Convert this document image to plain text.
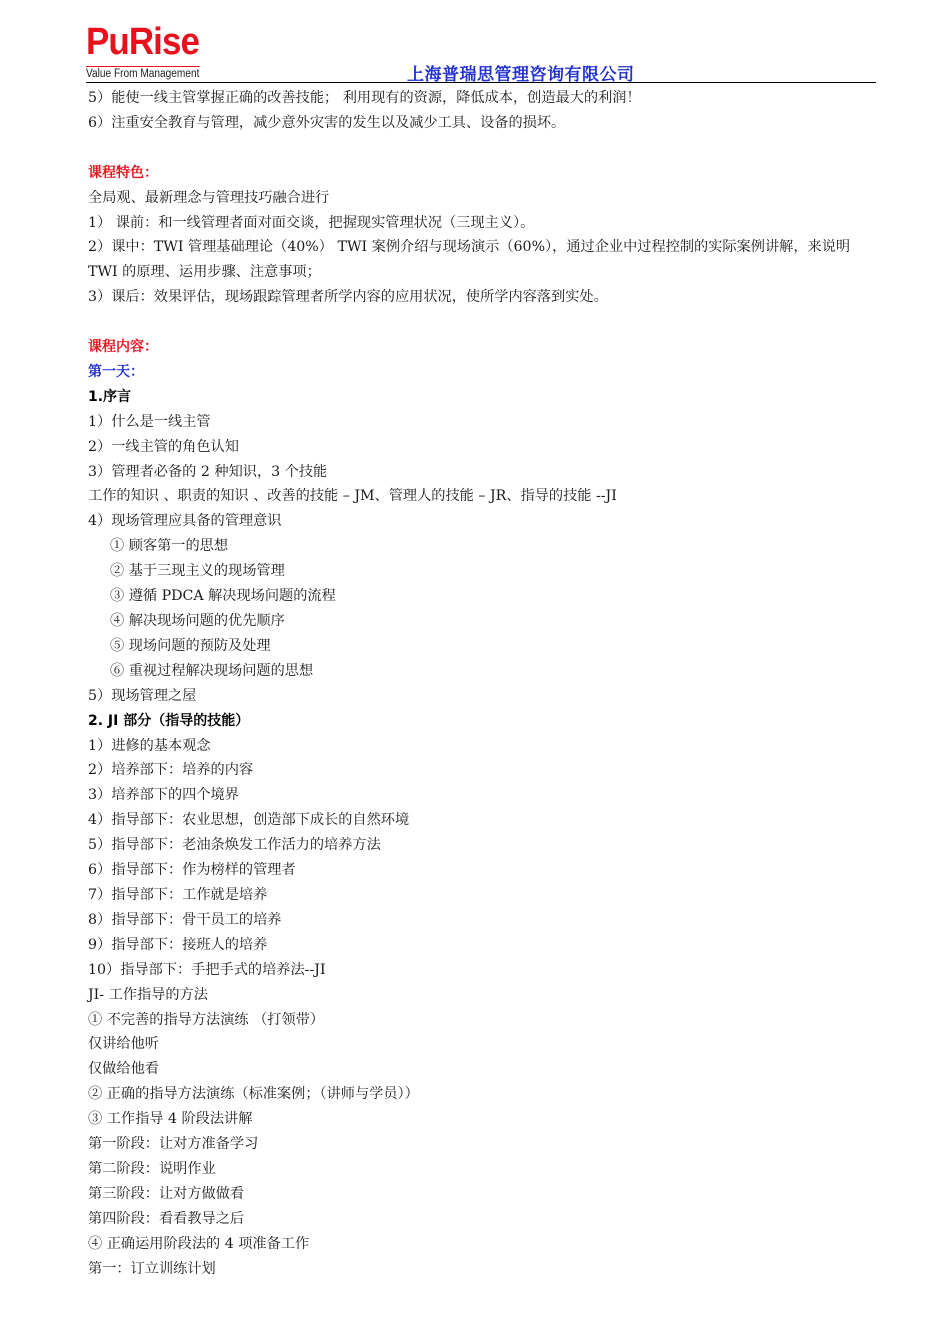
PuRise
Value From Management	上海普瑞思管理咨询有限公司
5）能使一线主管掌握正确的改善技能； 利用现有的资源，降低成本，创造最大的利润！
6）注重安全教育与管理，减少意外灾害的发生以及减少工具、设备的损坏。
课程特色：
全局观、最新理念与管理技巧融合进行
1） 课前：和一线管理者面对面交谈，把握现实管理状况（三现主义）。
2）课中：TWI 管理基础理论（40%） TWI 案例介绍与现场演示（60%），通过企业中过程控制的实际案例讲解，来说明 TWI 的原理、运用步骤、注意事项；
3）课后：效果评估，现场跟踪管理者所学内容的应用状况，使所学内容落到实处。
课程内容：
第一天：
1.序言
1）什么是一线主管
2）一线主管的角色认知
3）管理者必备的 2 种知识，3 个技能
工作的知识 、职责的知识 、改善的技能 – JM、管理人的技能 – JR、指导的技能 --JI
4）现场管理应具备的管理意识
① 顾客第一的思想
② 基于三现主义的现场管理
③ 遵循 PDCA 解决现场问题的流程
④ 解决现场问题的优先顺序
⑤ 现场问题的预防及处理
⑥ 重视过程解决现场问题的思想
5）现场管理之屋
2. JI 部分（指导的技能）
1）进修的基本观念
2）培养部下：培养的内容
3）培养部下的四个境界
4）指导部下：农业思想，创造部下成长的自然环境
5）指导部下：老油条焕发工作活力的培养方法
6）指导部下：作为榜样的管理者
7）指导部下：工作就是培养
8）指导部下：骨干员工的培养
9）指导部下：接班人的培养
10）指导部下：手把手式的培养法--JI
JI- 工作指导的方法
① 不完善的指导方法演练 （打领带）
仅讲给他听
仅做给他看
② 正确的指导方法演练（标准案例；（讲师与学员））
③ 工作指导 4 阶段法讲解
第一阶段：让对方准备学习
第二阶段：说明作业
第三阶段：让对方做做看
第四阶段：看看教导之后
④ 正确运用阶段法的 4 项准备工作
第一：订立训练计划
